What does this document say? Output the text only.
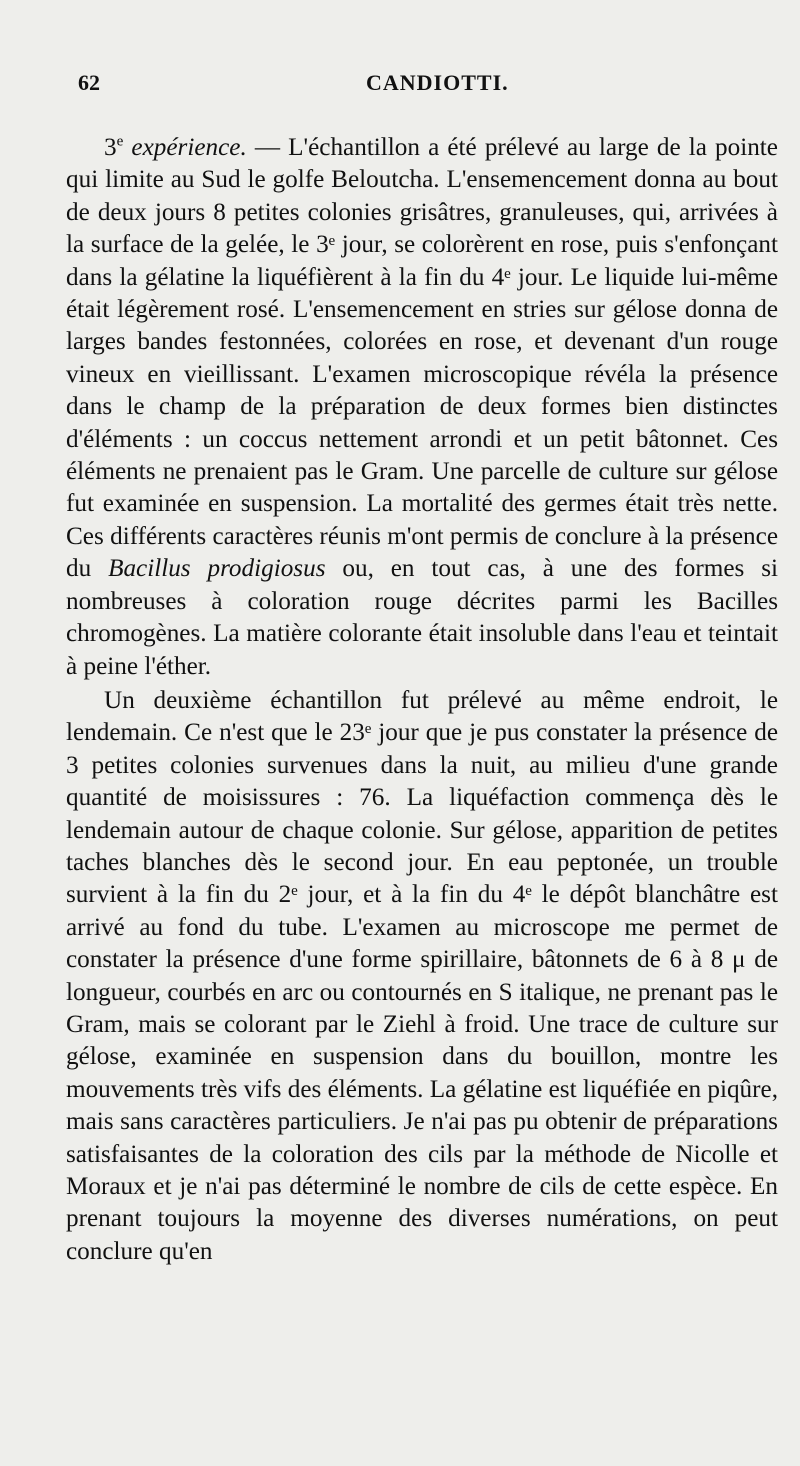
62	CANDIOTTI.

3e expérience. — L'échantillon a été prélevé au large de la pointe qui limite au Sud le golfe Beloutcha. L'ensemencement donna au bout de deux jours 8 petites colonies grisâtres, granuleuses, qui, arrivées à la surface de la gelée, le 3ᵉ jour, se colorèrent en rose, puis s'enfonçant dans la gélatine la liquéfièrent à la fin du 4ᵉ jour. Le liquide lui-même était légèrement rosé. L'ensemencement en stries sur gélose donna de larges bandes festonnées, colorées en rose, et devenant d'un rouge vineux en vieillissant. L'examen microscopique révéla la présence dans le champ de la préparation de deux formes bien distinctes d'éléments : un coccus nettement arrondi et un petit bâtonnet. Ces éléments ne prenaient pas le Gram. Une parcelle de culture sur gélose fut examinée en suspension. La mortalité des germes était très nette. Ces différents caractères réunis m'ont permis de conclure à la présence du Bacillus prodigiosus ou, en tout cas, à une des formes si nombreuses à coloration rouge décrites parmi les Bacilles chromogènes. La matière colorante était insoluble dans l'eau et teintait à peine l'éther.

Un deuxième échantillon fut prélevé au même endroit, le lendemain. Ce n'est que le 23ᵉ jour que je pus constater la présence de 3 petites colonies survenues dans la nuit, au milieu d'une grande quantité de moisissures : 76. La liquéfaction commença dès le lendemain autour de chaque colonie. Sur gélose, apparition de petites taches blanches dès le second jour. En eau peptonée, un trouble survient à la fin du 2ᵉ jour, et à la fin du 4ᵉ le dépôt blanchâtre est arrivé au fond du tube. L'examen au microscope me permet de constater la présence d'une forme spirillaire, bâtonnets de 6 à 8 μ de longueur, courbés en arc ou contournés en S italique, ne prenant pas le Gram, mais se colorant par le Ziehl à froid. Une trace de culture sur gélose, examinée en suspension dans du bouillon, montre les mouvements très vifs des éléments. La gélatine est liquéfiée en piqûre, mais sans caractères particuliers. Je n'ai pas pu obtenir de préparations satisfaisantes de la coloration des cils par la méthode de Nicolle et Moraux et je n'ai pas déterminé le nombre de cils de cette espèce. En prenant toujours la moyenne des diverses numérations, on peut conclure qu'en
